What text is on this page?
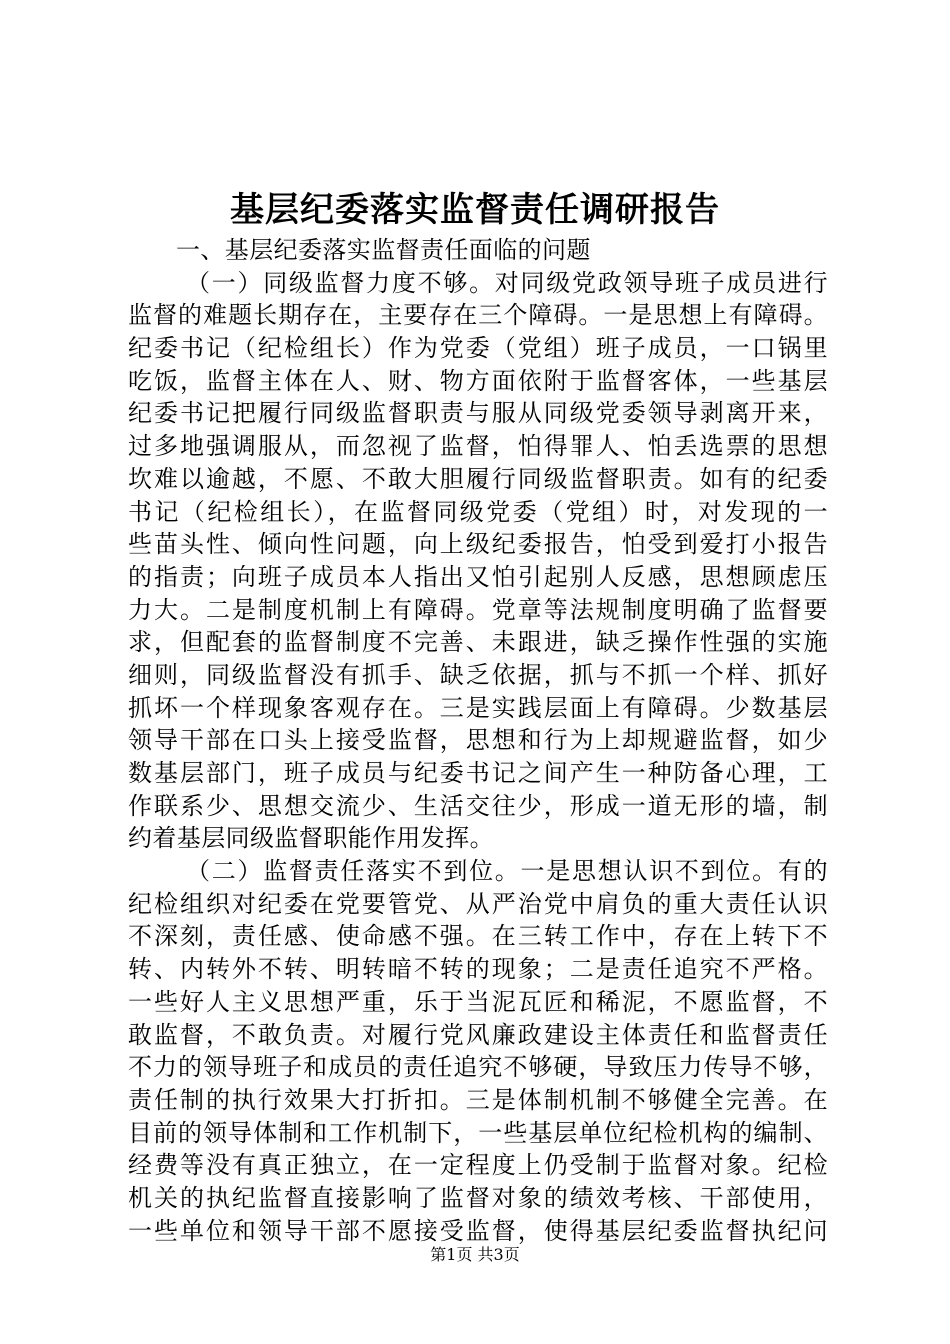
基层纪委落实监督责任调研报告
一、基层纪委落实监督责任面临的问题
（一）同级监督力度不够。对同级党政领导班子成员进行
监督的难题长期存在，主要存在三个障碍。一是思想上有障碍。
纪委书记（纪检组长）作为党委（党组）班子成员，一口锅里
吃饭，监督主体在人、财、物方面依附于监督客体，一些基层
纪委书记把履行同级监督职责与服从同级党委领导剥离开来，
过多地强调服从，而忽视了监督，怕得罪人、怕丢选票的思想
坎难以逾越，不愿、不敢大胆履行同级监督职责。如有的纪委
书记（纪检组长），在监督同级党委（党组）时，对发现的一
些苗头性、倾向性问题，向上级纪委报告，怕受到爱打小报告
的指责；向班子成员本人指出又怕引起别人反感，思想顾虑压
力大。二是制度机制上有障碍。党章等法规制度明确了监督要
求，但配套的监督制度不完善、未跟进，缺乏操作性强的实施
细则，同级监督没有抓手、缺乏依据，抓与不抓一个样、抓好
抓坏一个样现象客观存在。三是实践层面上有障碍。少数基层
领导干部在口头上接受监督，思想和行为上却规避监督，如少
数基层部门，班子成员与纪委书记之间产生一种防备心理，工
作联系少、思想交流少、生活交往少，形成一道无形的墙，制
约着基层同级监督职能作用发挥。
（二）监督责任落实不到位。一是思想认识不到位。有的
纪检组织对纪委在党要管党、从严治党中肩负的重大责任认识
不深刻，责任感、使命感不强。在三转工作中，存在上转下不
转、内转外不转、明转暗不转的现象；二是责任追究不严格。
一些好人主义思想严重，乐于当泥瓦匠和稀泥，不愿监督，不
敢监督，不敢负责。对履行党风廉政建设主体责任和监督责任
不力的领导班子和成员的责任追究不够硬，导致压力传导不够，
责任制的执行效果大打折扣。三是体制机制不够健全完善。在
目前的领导体制和工作机制下，一些基层单位纪检机构的编制、
经费等没有真正独立，在一定程度上仍受制于监督对象。纪检
机关的执纪监督直接影响了监督对象的绩效考核、干部使用，
一些单位和领导干部不愿接受监督，使得基层纪委监督执纪问
第1页 共3页
